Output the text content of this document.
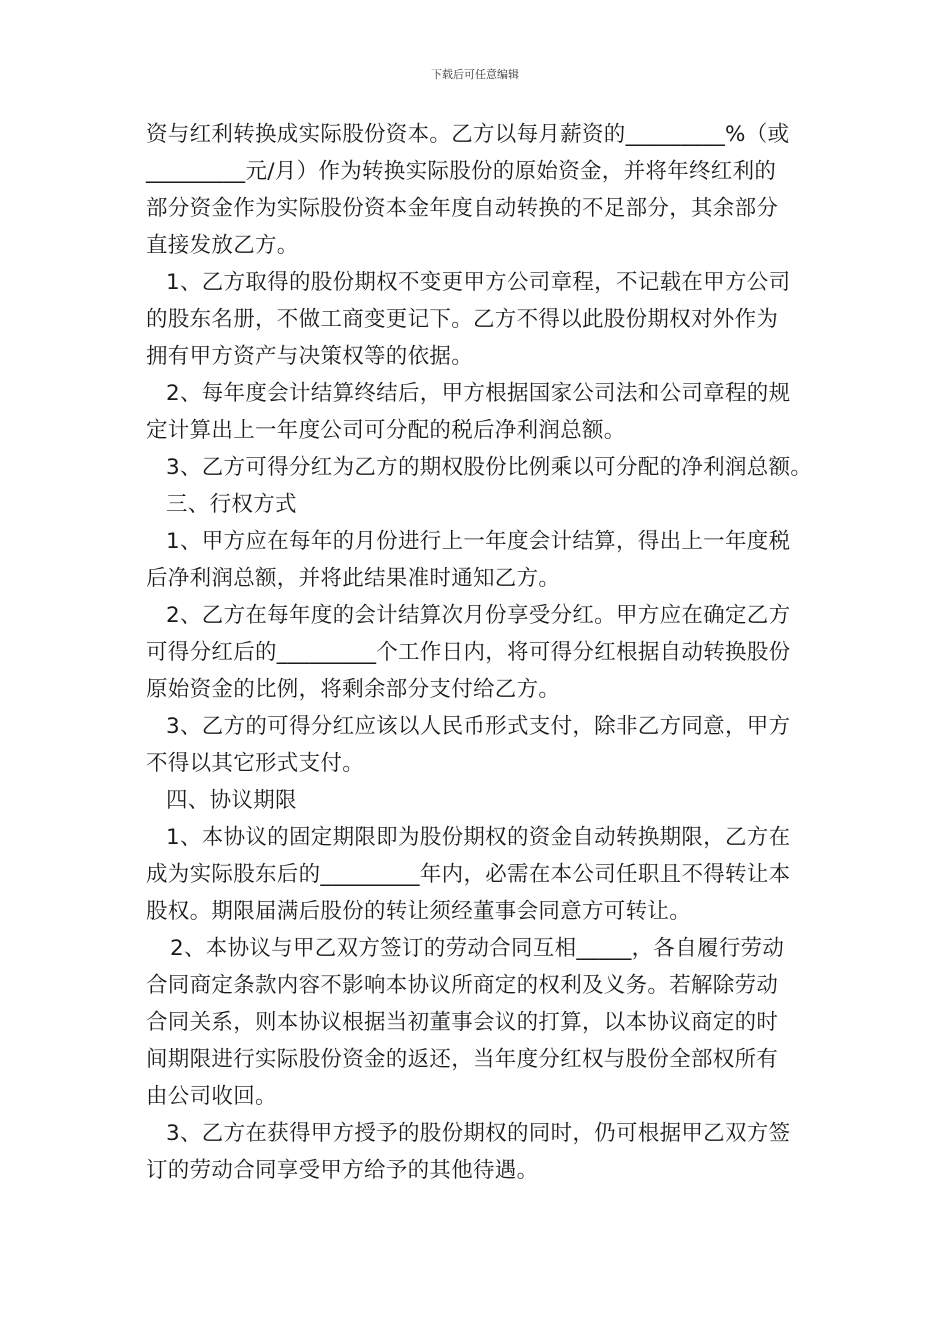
下载后可任意编辑

资与红利转换成实际股份资本。乙方以每月薪资的_________%（或
_________元/月）作为转换实际股份的原始资金，并将年终红利的
部分资金作为实际股份资本金年度自动转换的不足部分，其余部分
直接发放乙方。

1、乙方取得的股份期权不变更甲方公司章程，不记载在甲方公司
的股东名册，不做工商变更记下。乙方不得以此股份期权对外作为
拥有甲方资产与决策权等的依据。

2、每年度会计结算终结后，甲方根据国家公司法和公司章程的规
定计算出上一年度公司可分配的税后净利润总额。

3、乙方可得分红为乙方的期权股份比例乘以可分配的净利润总额。

三、行权方式

1、甲方应在每年的月份进行上一年度会计结算，得出上一年度税
后净利润总额，并将此结果准时通知乙方。

2、乙方在每年度的会计结算次月份享受分红。甲方应在确定乙方
可得分红后的_________个工作日内，将可得分红根据自动转换股份
原始资金的比例，将剩余部分支付给乙方。

3、乙方的可得分红应该以人民币形式支付，除非乙方同意，甲方
不得以其它形式支付。

四、协议期限

1、本协议的固定期限即为股份期权的资金自动转换期限，乙方在
成为实际股东后的_________年内，必需在本公司任职且不得转让本
股权。期限届满后股份的转让须经董事会同意方可转让。

2、本协议与甲乙双方签订的劳动合同互相_____，各自履行劳动
合同商定条款内容不影响本协议所商定的权利及义务。若解除劳动
合同关系，则本协议根据当初董事会议的打算，以本协议商定的时
间期限进行实际股份资金的返还，当年度分红权与股份全部权所有
由公司收回。

3、乙方在获得甲方授予的股份期权的同时，仍可根据甲乙双方签
订的劳动合同享受甲方给予的其他待遇。
